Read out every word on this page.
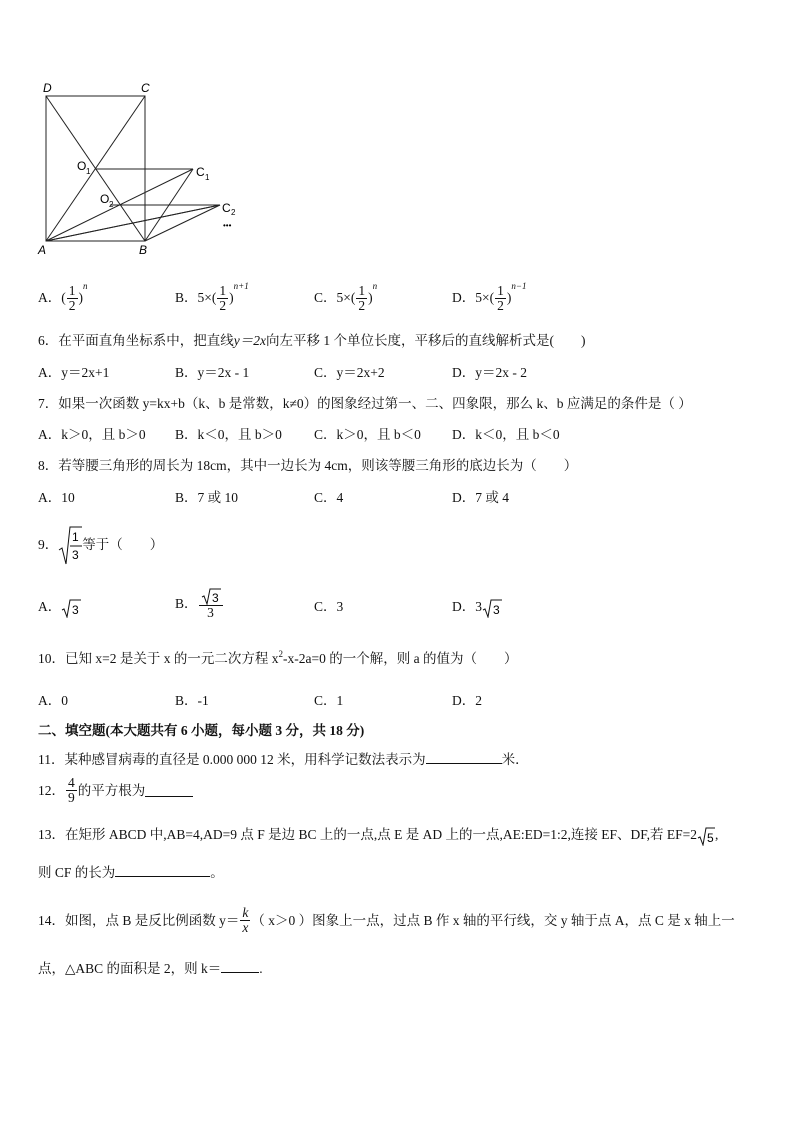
D	C
A	B
O 1
O 2
C 1
C 2
•••
A．( $\frac{1}{2} )^n$
B．$5\times( \frac{1}{2} )^{n+1}$
C．$5\times( \frac{1}{2} )^n$
D．$5\times( \frac{1}{2} )^{n-1}$
6．在平面直角坐标系中，把直线y＝2x向左平移 1 个单位长度，平移后的直线解析式是(　　)
A．y＝2x+1	B．y＝2x - 1	C．y＝2x+2	D．y＝2x - 2
7．如果一次函数 y=kx+b（k、b 是常数，k≠0）的图象经过第一、二、四象限，那么 k、b 应满足的条件是（ ）
A．k＞0，且 b＞0 B．k＜0，且 b＞0 C．k＞0，且 b＜0 D．k＜0，且 b＜0
8．若等腰三角形的周长为 18cm，其中一边长为 4cm，则该等腰三角形的底边长为（　　）
A．10	B．7 或 10	C．4	D．7 或 4
9．
1
3
等于（　　）
A． 3	B． $\frac{3}{3}$	C．3	D．3 3
10．已知 x=2 是关于 x 的一元二次方程 $x^2-x-2a=0$ 的一个解，则 a 的值为（　　）
A．0	B．-1	C．1	D．2
二、填空题(本大题共有 6 小题，每小题 3 分，共 18 分)
11．某种感冒病毒的直径是 0.000 000 12 米，用科学记数法表示为	米．
12． $\frac{4}{9}$ 的平方根为
13．在矩形 ABCD 中,AB=4,AD=9 点 F 是边 BC 上的一点,点 E 是 AD 上的一点,AE:ED=1:2,连接 EF、DF,若 EF=2 5 ,
则 CF 的长为	。
14．如图，点 B 是反比例函数 $y= \frac{k}{x}$ （ x＞0 ）图象上一点，过点 B 作 x 轴的平行线，交 y 轴于点 A，点 C 是 x 轴上一
点，△ABC 的面积是 2，则 k＝	.
